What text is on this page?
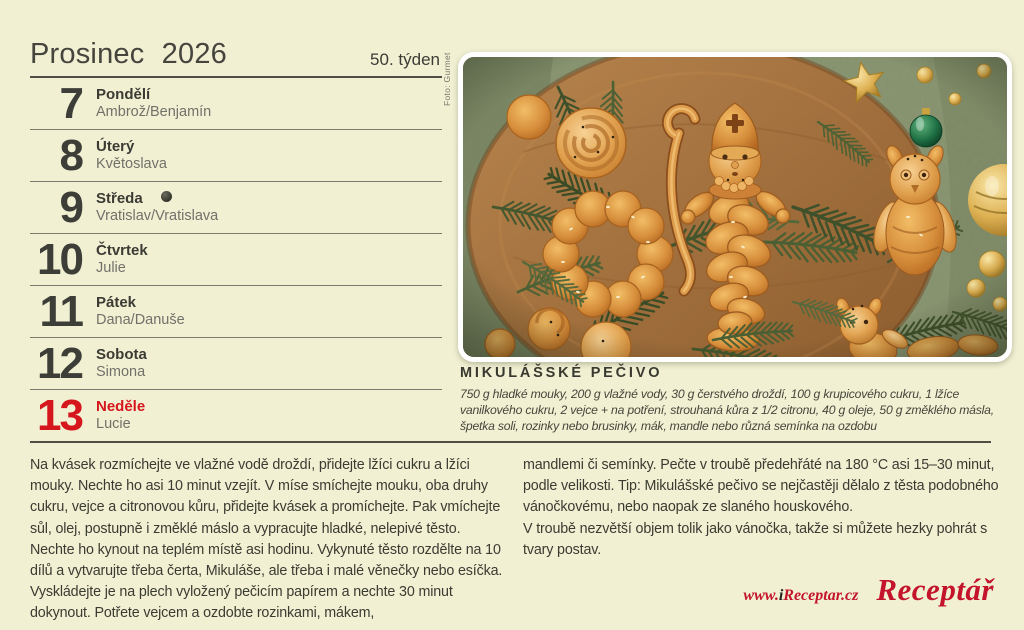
Prosinec 2026	50. týden
7 Pondělí
Ambrož/Benjamín
8 Úterý
Květoslava
9 Středa
Vratislav/Vratislava
10 Čtvrtek
Julie
11 Pátek
Dana/Danuše
12 Sobota
Simona
13 Neděle
Lucie
Foto: Gurmet
MIKULÁŠSKÉ PEČIVO
750 g hladké mouky, 200 g vlažné vody, 30 g čerstvého droždí, 100 g krupicového cukru, 1 lžíce vanilkového cukru, 2 vejce + na potření, strouhaná kůra z 1/2 citronu, 40 g oleje, 50 g změklého másla, špetka soli, rozinky nebo brusinky, mák, mandle nebo různá semínka na ozdobu

Na kvásek rozmíchejte ve vlažné vodě droždí, přidejte lžíci cukru a lžíci mouky. Nechte ho asi 10 minut vzejít. V míse smíchejte mouku, oba druhy cukru, vejce a citronovou kůru, přidejte kvásek a promíchejte. Pak vmíchejte sůl, olej, postupně i změklé máslo a vypracujte hladké, nelepivé těsto. Nechte ho kynout na teplém místě asi hodinu. Vykynuté těsto rozdělte na 10 dílů a vytvarujte třeba čerta, Mikuláše, ale třeba i malé věnečky nebo esíčka. Vyskládejte je na plech vyložený pečicím papírem a nechte 30 minut dokynout. Potřete vejcem a ozdobte rozinkami, mákem,

mandlemi či semínky. Pečte v troubě předehřáté na 180 °C asi 15–30 minut, podle velikosti. Tip: Mikulášské pečivo se nejčastěji dělalo z těsta podobného vánočkovému, nebo naopak ze slaného houskového.

V troubě nezvětší objem tolik jako vánočka, takže si můžete hezky pohrát s tvary postav.

www.iReceptar.cz Receptář
